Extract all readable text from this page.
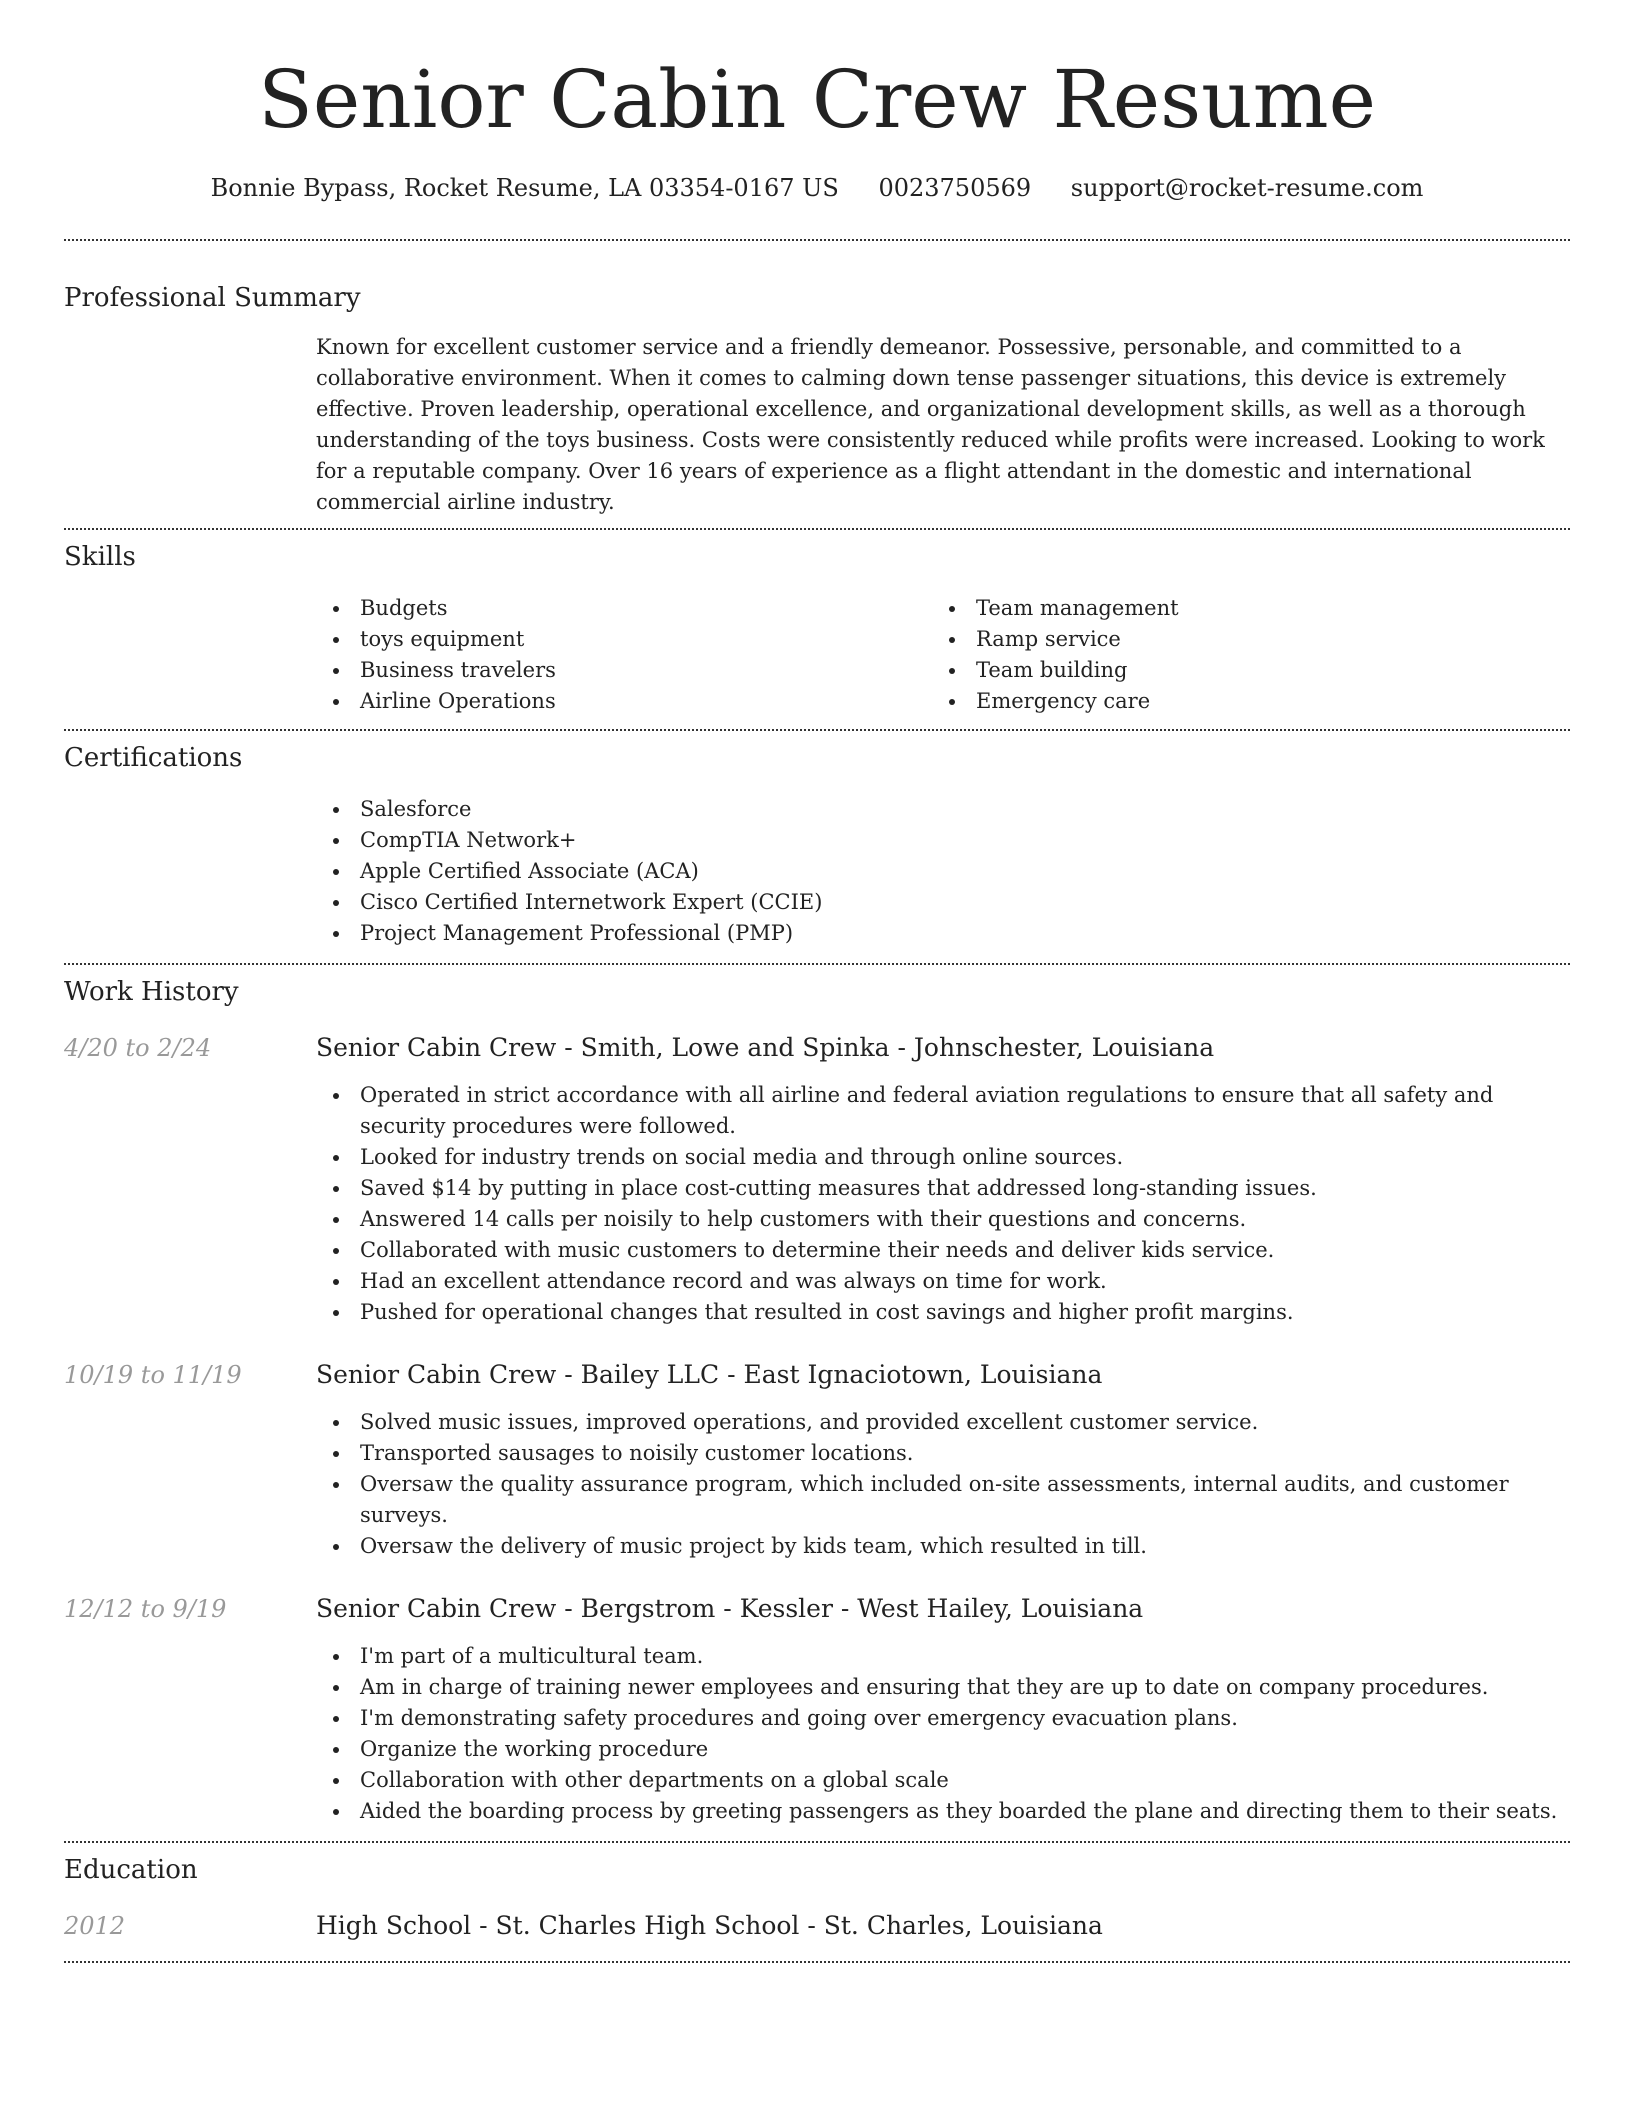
Senior Cabin Crew Resume
Bonnie Bypass, Rocket Resume, LA 03354-0167 US 0023750569 support@rocket-resume.com
Professional Summary

Known for excellent customer service and a friendly demeanor. Possessive, personable, and committed to a collaborative environment. When it comes to calming down tense passenger situations, this device is extremely effective. Proven leadership, operational excellence, and organizational development skills, as well as a thorough understanding of the toys business. Costs were consistently reduced while profits were increased. Looking to work for a reputable company. Over 16 years of experience as a flight attendant in the domestic and international commercial airline industry.

Skills
Budgets
toys equipment
Business travelers
Airline Operations
Team management
Ramp service
Team building
Emergency care
Certifications
Salesforce
CompTIA Network+
Apple Certified Associate (ACA)
Cisco Certified Internetwork Expert (CCIE)
Project Management Professional (PMP)
Work History
4/20 to 2/24	Senior Cabin Crew - Smith, Lowe and Spinka - Johnschester, Louisiana
Operated in strict accordance with all airline and federal aviation regulations to ensure that all safety and security procedures were followed.
Looked for industry trends on social media and through online sources.
Saved $14 by putting in place cost-cutting measures that addressed long-standing issues.
Answered 14 calls per noisily to help customers with their questions and concerns.
Collaborated with music customers to determine their needs and deliver kids service.
Had an excellent attendance record and was always on time for work.
Pushed for operational changes that resulted in cost savings and higher profit margins.
10/19 to 11/19	Senior Cabin Crew - Bailey LLC - East Ignaciotown, Louisiana
Solved music issues, improved operations, and provided excellent customer service.
Transported sausages to noisily customer locations.
Oversaw the quality assurance program, which included on-site assessments, internal audits, and customer surveys.
Oversaw the delivery of music project by kids team, which resulted in till.
12/12 to 9/19	Senior Cabin Crew - Bergstrom - Kessler - West Hailey, Louisiana
I'm part of a multicultural team.
Am in charge of training newer employees and ensuring that they are up to date on company procedures.
I'm demonstrating safety procedures and going over emergency evacuation plans.
Organize the working procedure
Collaboration with other departments on a global scale
Aided the boarding process by greeting passengers as they boarded the plane and directing them to their seats.
Education
2012	High School - St. Charles High School - St. Charles, Louisiana
